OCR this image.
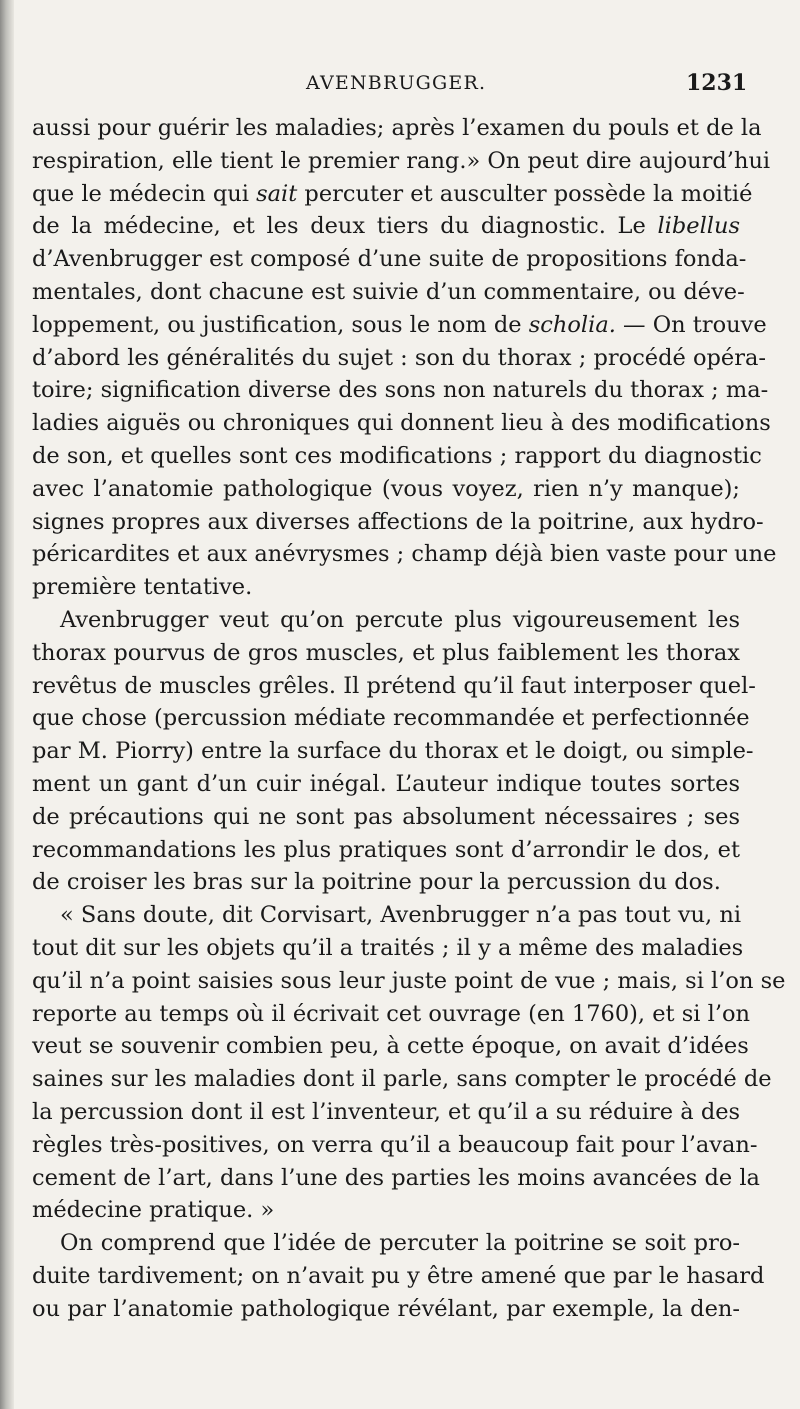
AVENBRUGGER.	1231
aussi pour guérir les maladies; après l’examen du pouls et de la
respiration, elle tient le premier rang.» On peut dire aujourd’hui
que le médecin qui sait percuter et ausculter possède la moitié
de la médecine, et les deux tiers du diagnostic. Le libellus
d’Avenbrugger est composé d’une suite de propositions fonda-
mentales, dont chacune est suivie d’un commentaire, ou déve-
loppement, ou justification, sous le nom de scholia. — On trouve
d’abord les généralités du sujet : son du thorax ; procédé opéra-
toire; signification diverse des sons non naturels du thorax ; ma-
ladies aiguës ou chroniques qui donnent lieu à des modifications
de son, et quelles sont ces modifications ; rapport du diagnostic
avec l’anatomie pathologique (vous voyez, rien n’y manque);
signes propres aux diverses affections de la poitrine, aux hydro-
péricardites et aux anévrysmes ; champ déjà bien vaste pour une
première tentative.
Avenbrugger veut qu’on percute plus vigoureusement les
thorax pourvus de gros muscles, et plus faiblement les thorax
revêtus de muscles grêles. Il prétend qu’il faut interposer quel-
que chose (percussion médiate recommandée et perfectionnée
par M. Piorry) entre la surface du thorax et le doigt, ou simple-
ment un gant d’un cuir inégal. L’auteur indique toutes sortes
de précautions qui ne sont pas absolument nécessaires ; ses
recommandations les plus pratiques sont d’arrondir le dos, et
de croiser les bras sur la poitrine pour la percussion du dos.
« Sans doute, dit Corvisart, Avenbrugger n’a pas tout vu, ni
tout dit sur les objets qu’il a traités ; il y a même des maladies
qu’il n’a point saisies sous leur juste point de vue ; mais, si l’on se
reporte au temps où il écrivait cet ouvrage (en 1760), et si l’on
veut se souvenir combien peu, à cette époque, on avait d’idées
saines sur les maladies dont il parle, sans compter le procédé de
la percussion dont il est l’inventeur, et qu’il a su réduire à des
règles très-positives, on verra qu’il a beaucoup fait pour l’avan-
cement de l’art, dans l’une des parties les moins avancées de la
médecine pratique. »
On comprend que l’idée de percuter la poitrine se soit pro-
duite tardivement; on n’avait pu y être amené que par le hasard
ou par l’anatomie pathologique révélant, par exemple, la den-
